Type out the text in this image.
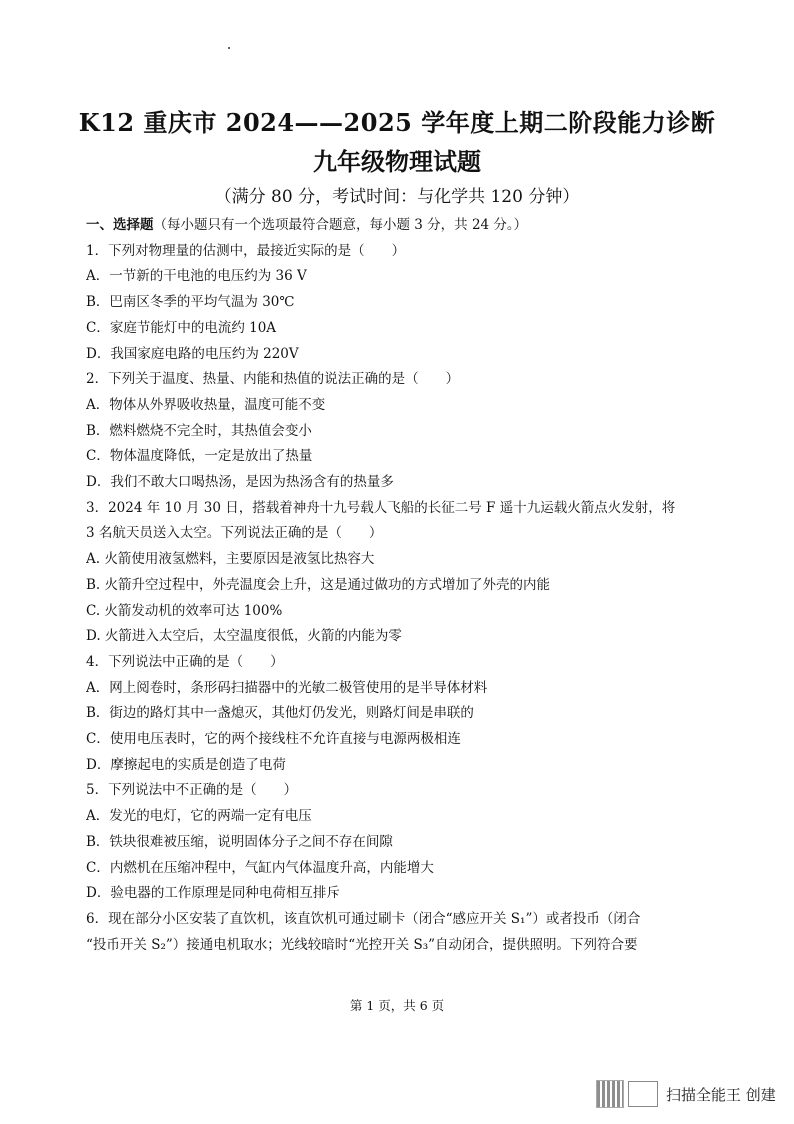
K12 重庆市 2024——2025 学年度上期二阶段能力诊断
九年级物理试题
（满分 80 分，考试时间：与化学共 120 分钟）
一、选择题（每小题只有一个选项最符合题意，每小题 3 分，共 24 分。）
1．下列对物理量的估测中，最接近实际的是（　　）
A．一节新的干电池的电压约为 36 V
B．巴南区冬季的平均气温为 30℃
C．家庭节能灯中的电流约 10A
D．我国家庭电路的电压约为 220V
2．下列关于温度、热量、内能和热值的说法正确的是（　　）
A．物体从外界吸收热量，温度可能不变
B．燃料燃烧不完全时，其热值会变小
C．物体温度降低，一定是放出了热量
D．我们不敢大口喝热汤，是因为热汤含有的热量多
3．2024 年 10 月 30 日，搭载着神舟十九号载人飞船的长征二号 F 遥十九运载火箭点火发射，将
3 名航天员送入太空。下列说法正确的是（　　）
A. 火箭使用液氢燃料，主要原因是液氢比热容大
B. 火箭升空过程中，外壳温度会上升，这是通过做功的方式增加了外壳的内能
C. 火箭发动机的效率可达 100%
D. 火箭进入太空后，太空温度很低，火箭的内能为零
4．下列说法中正确的是（　　）
A．网上阅卷时，条形码扫描器中的光敏二极管使用的是半导体材料
B．街边的路灯其中一盏熄灭，其他灯仍发光，则路灯间是串联的
C．使用电压表时，它的两个接线柱不允许直接与电源两极相连
D．摩擦起电的实质是创造了电荷
5．下列说法中不正确的是（　　）
A．发光的电灯，它的两端一定有电压
B．铁块很难被压缩，说明固体分子之间不存在间隙
C．内燃机在压缩冲程中，气缸内气体温度升高，内能增大
D．验电器的工作原理是同种电荷相互排斥
6．现在部分小区安装了直饮机，该直饮机可通过刷卡（闭合“感应开关 S₁”）或者投币（闭合
“投币开关 S₂”）接通电机取水；光线较暗时“光控开关 S₃”自动闭合，提供照明。下列符合要
第 1 页，共 6 页
扫描全能王 创建
